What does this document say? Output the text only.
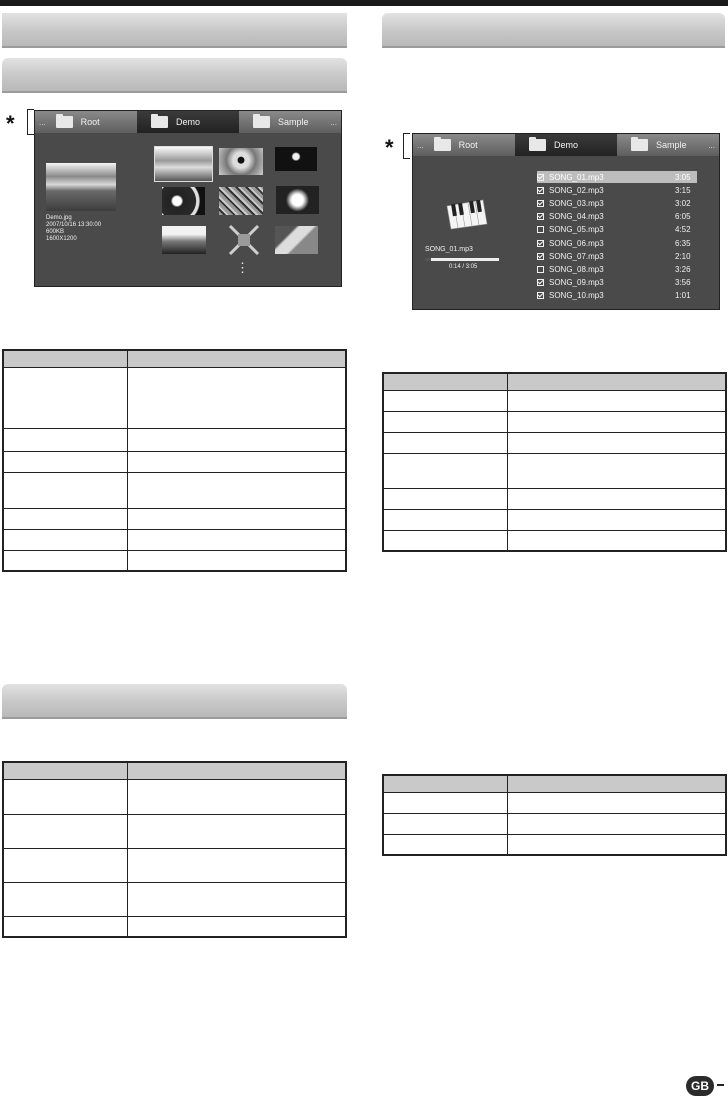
*	...	Root	Demo	Sample	...
Demo.jpg
2007/10/16 13:30:00
600KB
1600X1200
⋮

*	...	Root	Demo	Sample	...
SONG_01.mp3
0:14 / 3:05
SONG_01.mp3	3:05
SONG_02.mp3	3:15
SONG_03.mp3	3:02
SONG_04.mp3	6:05
SONG_05.mp3	4:52
SONG_06.mp3	6:35
SONG_07.mp3	2:10
SONG_08.mp3	3:26
SONG_09.mp3	3:56
SONG_10.mp3	1:01

GB
